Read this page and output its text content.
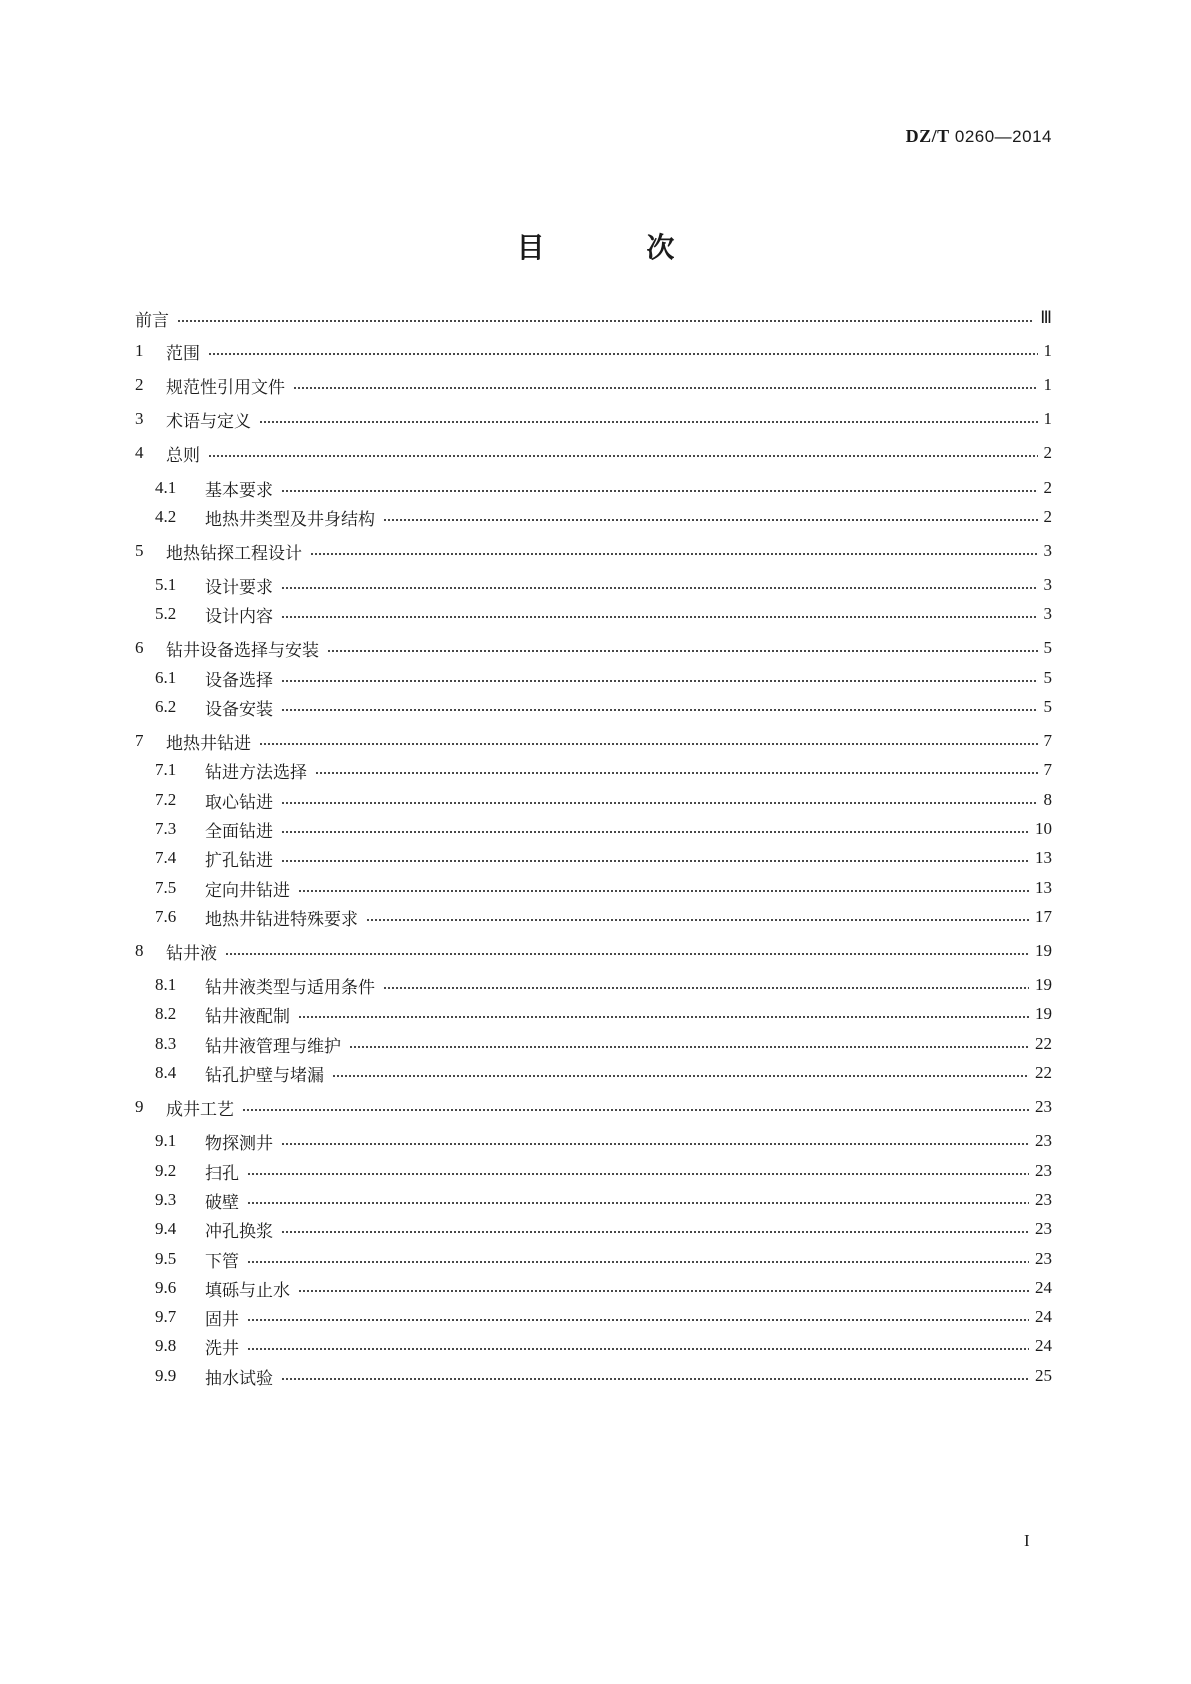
DZ/T 0260—2014
目 次
前言	Ⅲ
1	范围	1
2	规范性引用文件	1
3	术语与定义	1
4	总则	2
4.1	基本要求	2
4.2	地热井类型及井身结构	2
5	地热钻探工程设计	3
5.1	设计要求	3
5.2	设计内容	3
6	钻井设备选择与安装	5
6.1	设备选择	5
6.2	设备安装	5
7	地热井钻进	7
7.1	钻进方法选择	7
7.2	取心钻进	8
7.3	全面钻进	10
7.4	扩孔钻进	13
7.5	定向井钻进	13
7.6	地热井钻进特殊要求	17
8	钻井液	19
8.1	钻井液类型与适用条件	19
8.2	钻井液配制	19
8.3	钻井液管理与维护	22
8.4	钻孔护壁与堵漏	22
9	成井工艺	23
9.1	物探测井	23
9.2	扫孔	23
9.3	破壁	23
9.4	冲孔换浆	23
9.5	下管	23
9.6	填砾与止水	24
9.7	固井	24
9.8	洗井	24
9.9	抽水试验	25
I
